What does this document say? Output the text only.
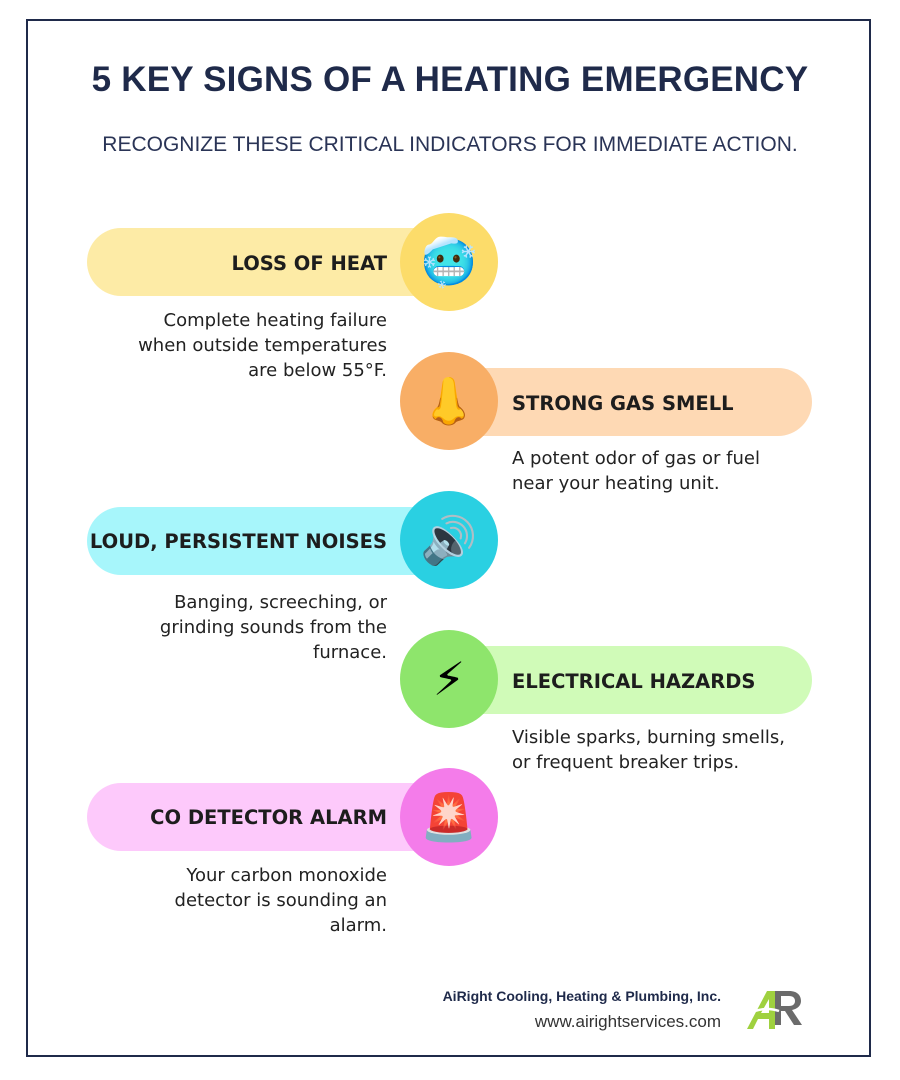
5 KEY SIGNS OF A HEATING EMERGENCY
RECOGNIZE THESE CRITICAL INDICATORS FOR IMMEDIATE ACTION.
🥶
LOSS OF HEAT
Complete heating failure when outside temperatures are below 55°F.
👃	STRONG GAS SMELL
A potent odor of gas or fuel near your heating unit.
🔊
LOUD, PERSISTENT NOISES
Banging, screeching, or grinding sounds from the furnace. ⚡	ELECTRICAL HAZARDS
Visible sparks, burning smells, or frequent breaker trips.
🚨
CO DETECTOR ALARM
Your carbon monoxide detector is sounding an alarm.
AiRight Cooling, Heating & Plumbing, Inc.
www.airightservices.com
